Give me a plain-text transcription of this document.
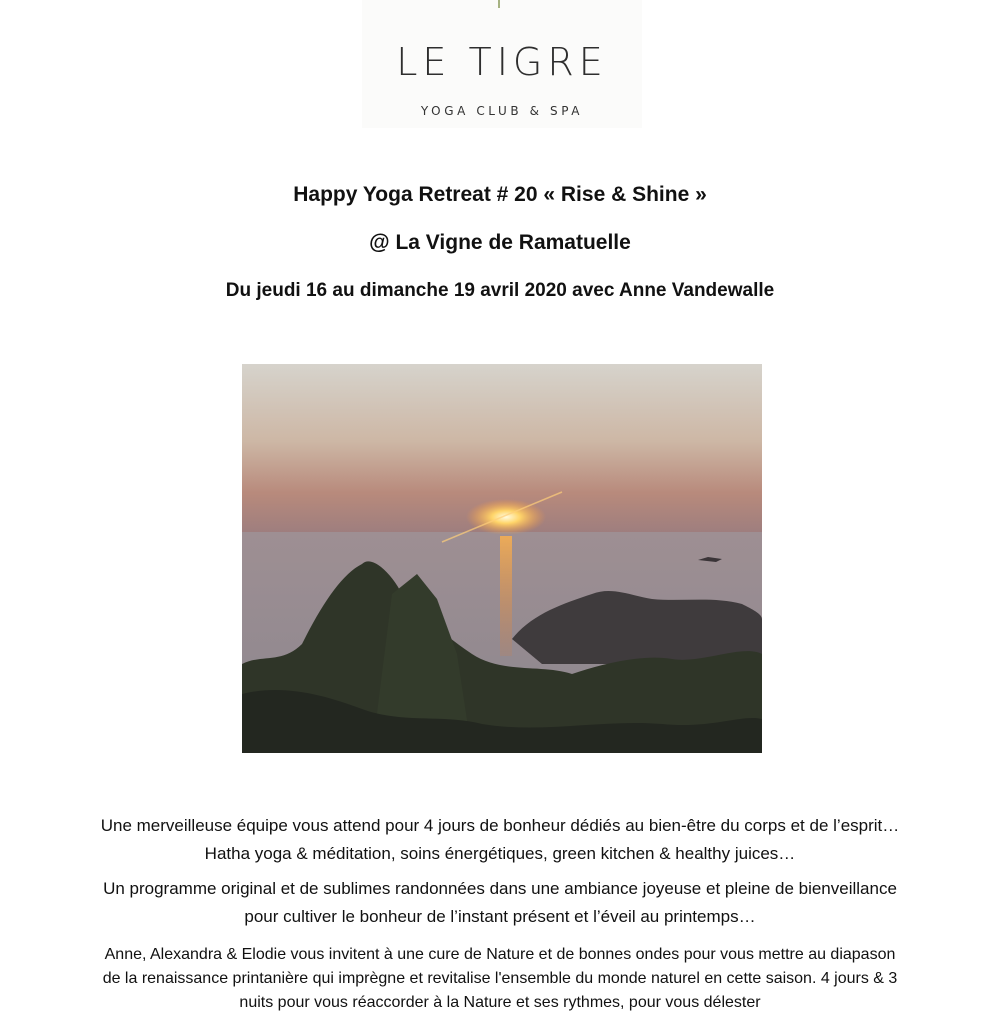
LE TIGRE
YOGA CLUB & SPA
Happy Yoga Retreat # 20 « Rise & Shine »
@ La Vigne de Ramatuelle
Du jeudi 16 au dimanche 19 avril 2020 avec Anne Vandewalle

Une merveilleuse équipe vous attend pour 4 jours de bonheur dédiés au bien-être du corps et de l’esprit… Hatha yoga & méditation, soins énergétiques, green kitchen & healthy juices…

Un programme original et de sublimes randonnées dans une ambiance joyeuse et pleine de bienveillance pour cultiver le bonheur de l’instant présent et l’éveil au printemps…

Anne, Alexandra & Elodie vous invitent à une cure de Nature et de bonnes ondes pour vous mettre au diapason de la renaissance printanière qui imprègne et revitalise l'ensemble du monde naturel en cette saison. 4 jours & 3 nuits pour vous réaccorder à la Nature et ses rythmes, pour vous délester
